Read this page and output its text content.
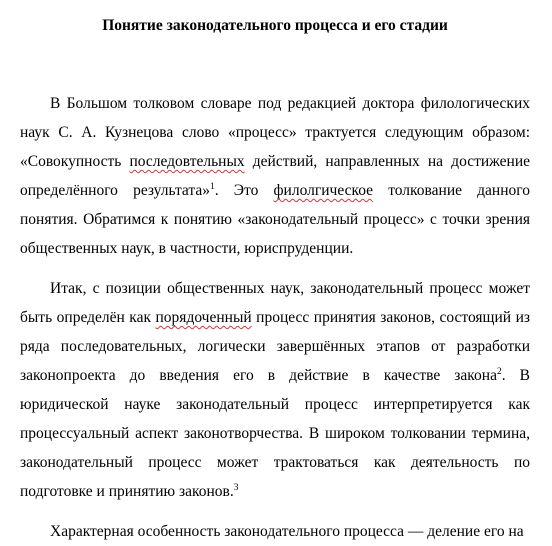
Понятие законодательного процесса и его стадии

В Большом толковом словаре под редакцией доктора филологических наук С. А. Кузнецова слово «процесс» трактуется следующим образом: «Совокупность последовтельных действий, направленных на достижение определённого результата»$^1$. Это филолгическое толкование данного понятия. Обратимся к понятию «законодательный процесс» с точки зрения общественных наук, в частности, юриспруденции.

Итак, с позиции общественных наук, законодательный процесс может быть определён как порядоченный процесс принятия законов, состоящий из ряда последовательных, логически завершённых этапов от разработки законопроекта до введения его в действие в качестве закона$^2$. В юридической науке законодательный процесс интерпретируется как процессуальный аспект законотворчества. В широком толковании термина, законодательный процесс может трактоваться как деятельность по подготовке и принятию законов.$^3$

Характерная особенность законодательного процесса — деление его на
